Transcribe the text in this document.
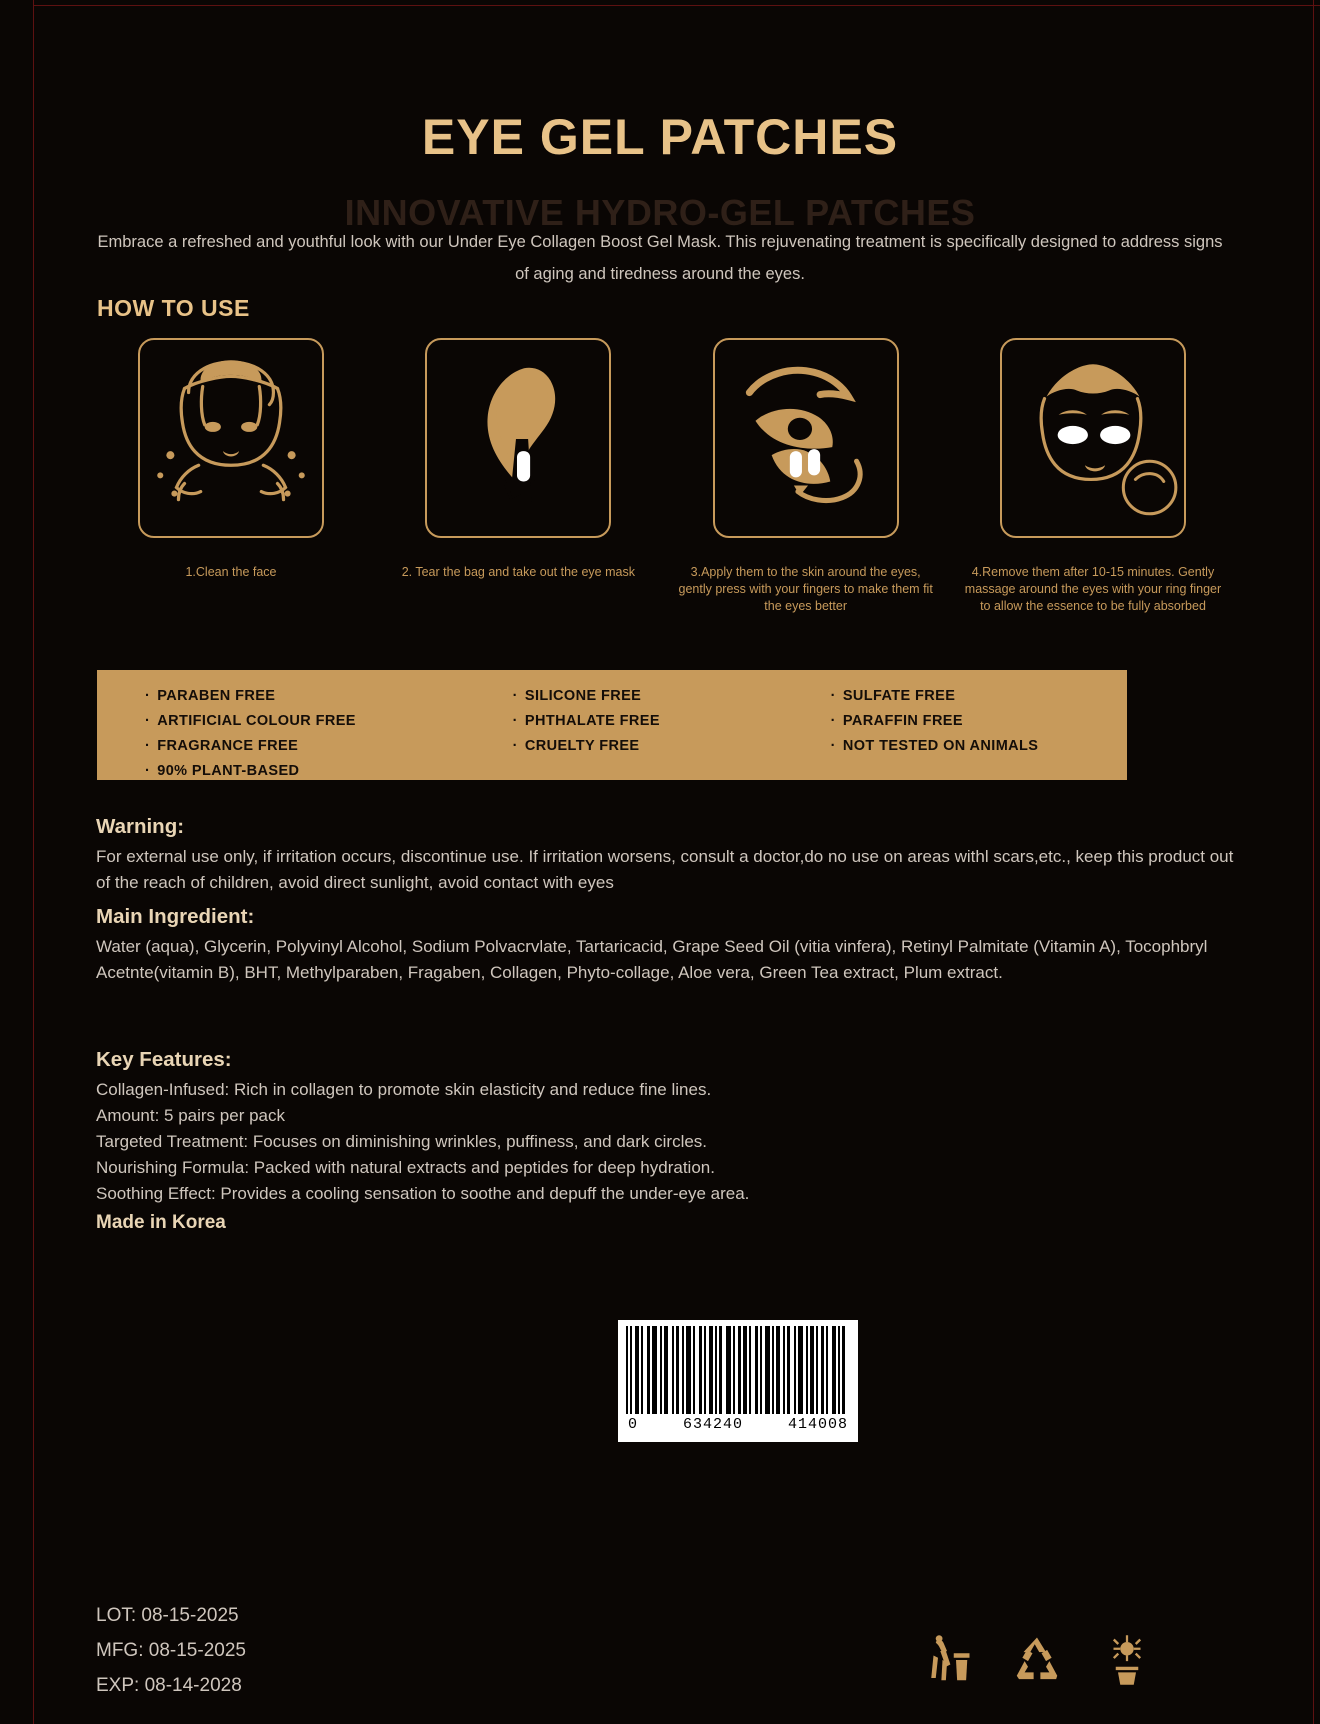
EYE GEL PATCHES
INNOVATIVE HYDRO-GEL PATCHES
Embrace a refreshed and youthful look with our Under Eye Collagen Boost Gel Mask. This rejuvenating treatment is specifically designed to address signs of aging and tiredness around the eyes.
HOW TO USE
1.Clean the face	2. Tear the bag and take out the eye mask	3.Apply them to the skin around the eyes, gently press with your fingers to make them fit the eyes better
4.Remove them after 10-15 minutes. Gently massage around the eyes with your ring finger to allow the essence to be fully absorbed
· PARABEN FREE
· ARTIFICIAL COLOUR FREE
· FRAGRANCE FREE
· 90% PLANT-BASED
· SILICONE FREE
· PHTHALATE FREE
· CRUELTY FREE
· SULFATE FREE
· PARAFFIN FREE
· NOT TESTED ON ANIMALS
Warning:
For external use only, if irritation occurs, discontinue use. If irritation worsens, consult a doctor,do no use on areas withl scars,etc., keep this product out of the reach of children, avoid direct sunlight, avoid contact with eyes
Main Ingredient:
Water (aqua), Glycerin, Polyvinyl Alcohol, Sodium Polvacrvlate, Tartaricacid, Grape Seed Oil (vitia vinfera), Retinyl Palmitate (Vitamin A), Tocophbryl Acetnte(vitamin B), BHT, Methylparaben, Fragaben, Collagen, Phyto-collage, Aloe vera, Green Tea extract, Plum extract.
Key Features:
Collagen-Infused: Rich in collagen to promote skin elasticity and reduce fine lines.
Amount: 5 pairs per pack
Targeted Treatment: Focuses on diminishing wrinkles, puffiness, and dark circles.
Nourishing Formula: Packed with natural extracts and peptides for deep hydration.
Soothing Effect: Provides a cooling sensation to soothe and depuff the under-eye area.
Made in Korea
0	634240	414008
LOT: 08-15-2025
MFG: 08-15-2025
EXP: 08-14-2028
